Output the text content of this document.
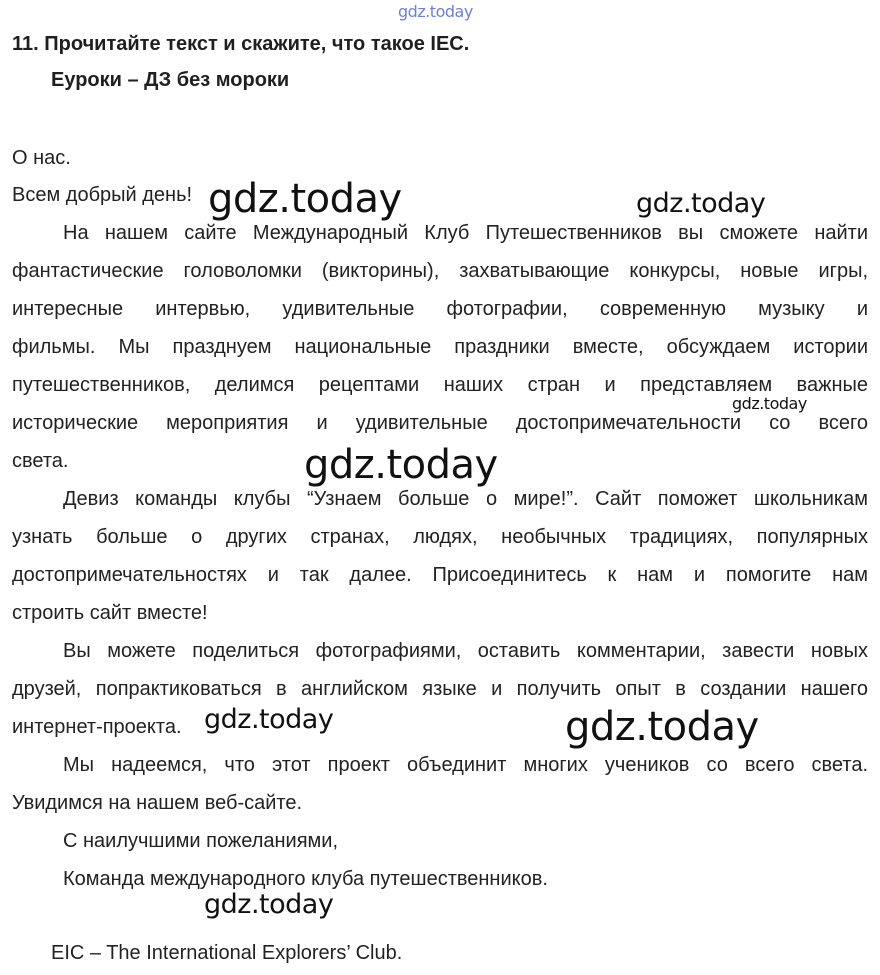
gdz.today
11. Прочитайте текст и скажите, что такое IEC.
Еуроки – ДЗ без мороки
О нас.
Всем добрый день!
На нашем сайте Международный Клуб Путешественников вы сможете найти
фантастические головоломки (викторины), захватывающие конкурсы, новые игры,
интересные интервью, удивительные фотографии, современную музыку и
фильмы. Мы празднуем национальные праздники вместе, обсуждаем истории
путешественников, делимся рецептами наших стран и представляем важные
исторические мероприятия и удивительные достопримечательности со всего
света.
Девиз команды клубы “Узнаем больше о мире!”. Сайт поможет школьникам
узнать больше о других странах, людях, необычных традициях, популярных
достопримечательностях и так далее. Присоединитесь к нам и помогите нам
строить сайт вместе!
Вы можете поделиться фотографиями, оставить комментарии, завести новых
друзей, попрактиковаться в английском языке и получить опыт в создании нашего
интернет-проекта.
Мы надеемся, что этот проект объединит многих учеников со всего света.
Увидимся на нашем веб-сайте.
С наилучшими пожеланиями,
Команда международного клуба путешественников.
EIC – The International Explorers’ Club.
gdz.today	gdz.today
gdz.today
gdz.today
gdz.today	gdz.today
gdz.today
